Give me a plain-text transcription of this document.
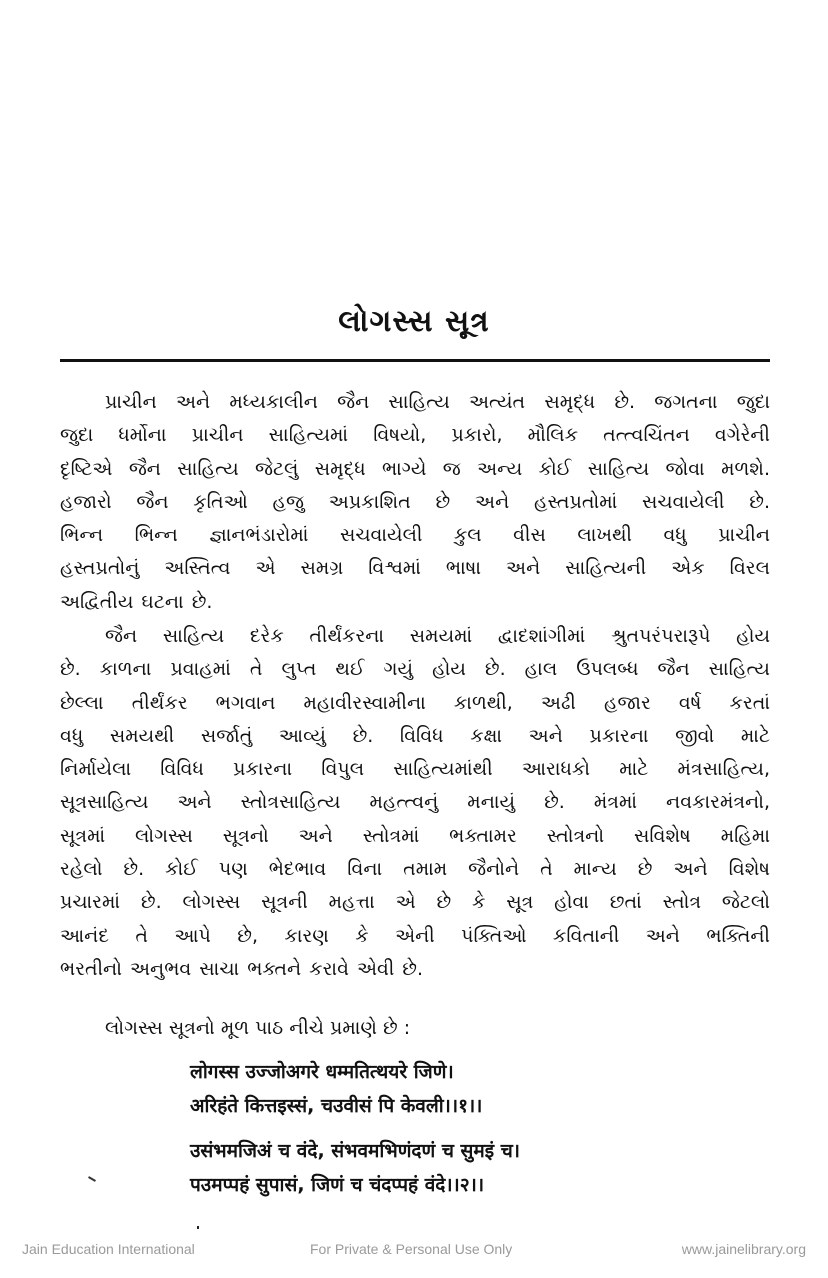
લોગસ્સ સૂત્ર
પ્રાચીન અને મધ્યકાલીન જૈન સાહિત્ય અત્યંત સમૃદ્ધ છે. જગતના જુદા
જુદા ધર્મોના પ્રાચીન સાહિત્યમાં વિષયો, પ્રકારો, મૌલિક તત્ત્વચિંતન વગેરેની
દૃષ્ટિએ જૈન સાહિત્ય જેટલું સમૃદ્ધ ભાગ્યે જ અન્ય કોઈ સાહિત્ય જોવા મળશે.
હજારો જૈન કૃતિઓ હજુ અપ્રકાશિત છે અને હસ્તપ્રતોમાં સચવાયેલી છે.
ભિન્ન ભિન્ન જ્ઞાનભંડારોમાં સચવાયેલી કુલ વીસ લાખથી વધુ પ્રાચીન
હસ્તપ્રતોનું અસ્તિત્વ એ સમગ્ર વિશ્વમાં ભાષા અને સાહિત્યની એક વિરલ
અદ્વિતીય ઘટના છે.
જૈન સાહિત્ય દરેક તીર્થંકરના સમયમાં દ્વાદશાંગીમાં શ્રુતપરંપરારૂપે હોય
છે. કાળના પ્રવાહમાં તે લુપ્ત થઈ ગયું હોય છે. હાલ ઉપલબ્ધ જૈન સાહિત્ય
છેલ્લા તીર્થંકર ભગવાન મહાવીરસ્વામીના કાળથી, અઢી હજાર વર્ષ કરતાં
વધુ સમયથી સર્જાતું આવ્યું છે. વિવિધ કક્ષા અને પ્રકારના જીવો માટે
નિર્માયેલા વિવિધ પ્રકારના વિપુલ સાહિત્યમાંથી આરાધકો માટે મંત્રસાહિત્ય,
સૂત્રસાહિત્ય અને સ્તોત્રસાહિત્ય મહત્ત્વનું મનાયું છે. મંત્રમાં નવકારમંત્રનો,
સૂત્રમાં લોગસ્સ સૂત્રનો અને સ્તોત્રમાં ભક્તામર સ્તોત્રનો સવિશેષ મહિમા
રહેલો છે. કોઈ પણ ભેદભાવ વિના તમામ જૈનોને તે માન્ય છે અને વિશેષ
પ્રચારમાં છે. લોગસ્સ સૂત્રની મહત્તા એ છે કે સૂત્ર હોવા છતાં સ્તોત્ર જેટલો
આનંદ તે આપે છે, કારણ કે એની પંક્તિઓ કવિતાની અને ભક્તિની
ભરતીનો અનુભવ સાચા ભક્તને કરાવે એવી છે.
લોગસ્સ સૂત્રનો મૂળ પાઠ નીચે પ્રમાણે છે :
लोगस्स उज्जोअगरे धम्मतित्थयरे जिणे।
अरिहंते कित्तइस्सं, चउवीसं पि केवली।।१।।
उसंभमजिअं च वंदे, संभवमभिणंदणं च सुमइं च।
पउमप्पहं सुपासं, जिणं च चंदप्पहं वंदे।।२।।
Jain Education International	For Private & Personal Use Only	www.jainelibrary.org
